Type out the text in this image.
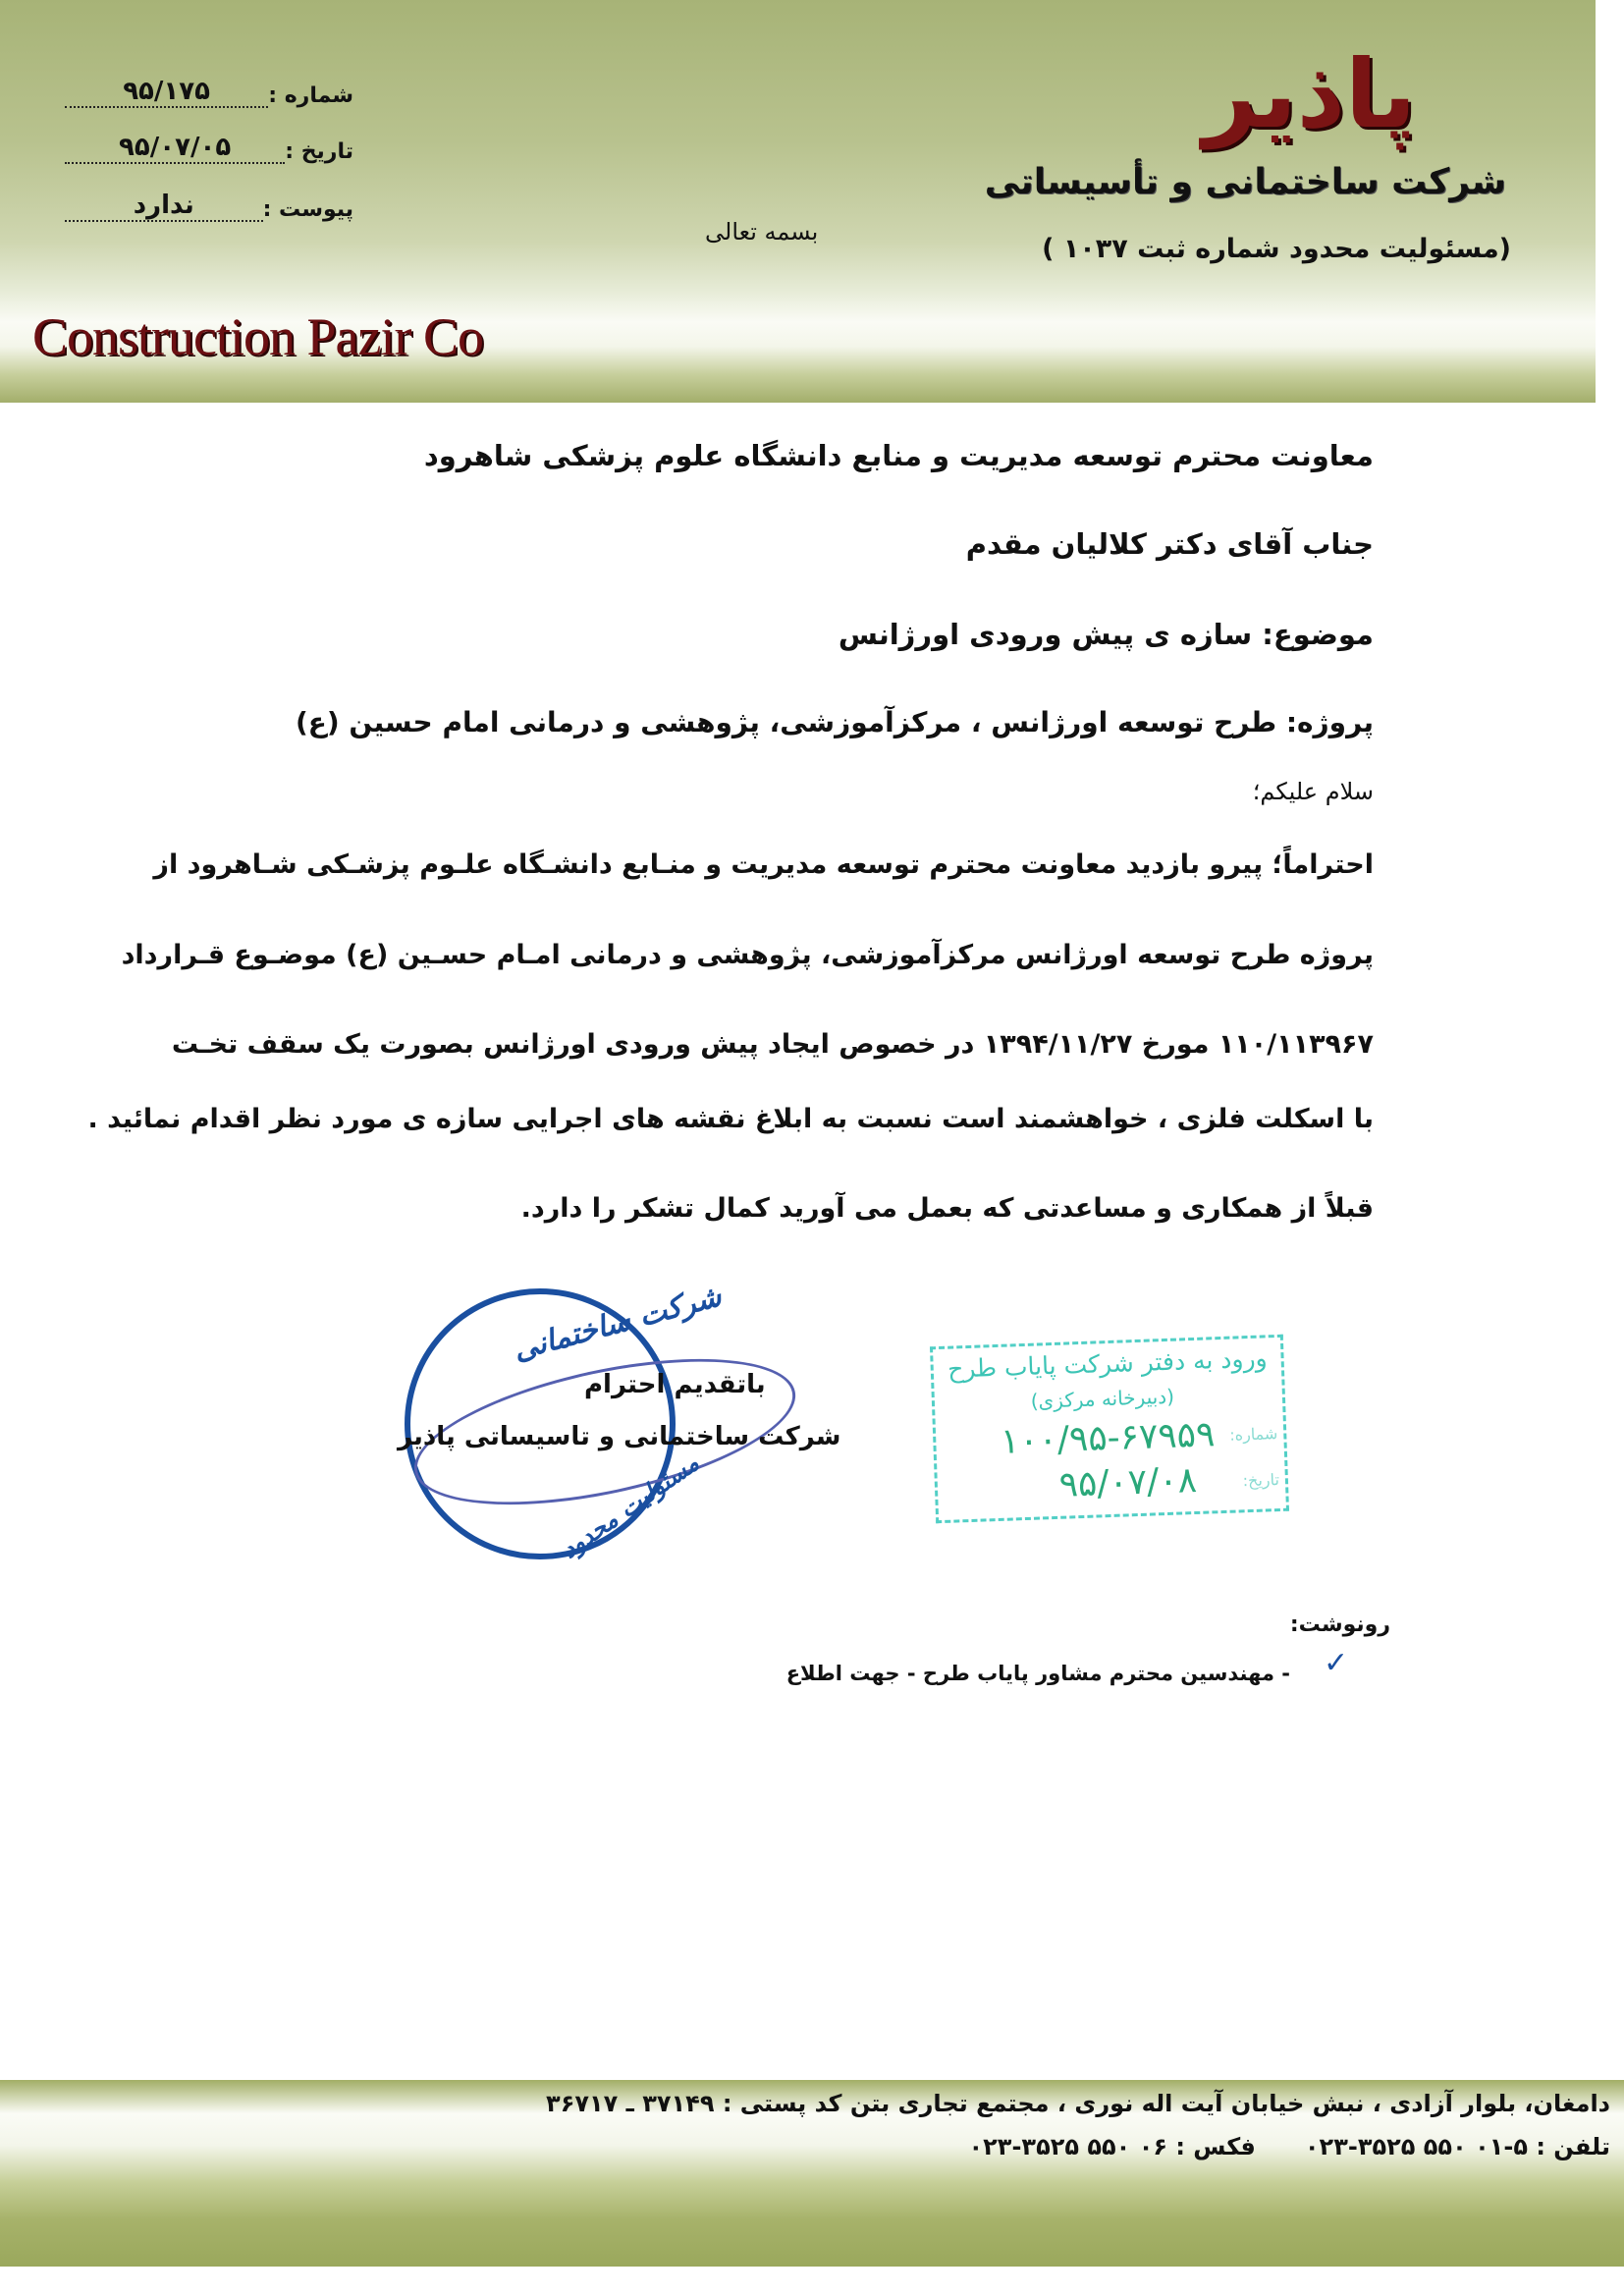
پاذیر
شرکت ساختمانی و تأسیساتی
(مسئولیت محدود شماره ثبت ۱۰۳۷ )
بسمه تعالی
Construction Pazir Co
شماره :
۹۵/۱۷۵
تاریخ :
۹۵/۰۷/۰۵
پیوست :
ندارد
معاونت محترم توسعه مدیریت و منابع دانشگاه علوم پزشکی شاهرود
جناب آقای دکتر کلالیان مقدم
موضوع: سازه ی پیش ورودی اورژانس
پروژه: طرح توسعه اورژانس ، مرکزآموزشی، پژوهشی و درمانی امام حسین (ع)
سلام علیکم؛
احتراماً؛ پیرو بازدید معاونت محترم توسعه مدیریت و منـابع دانشـگاه علـوم پزشـکی شـاهرود از
پروژه طرح توسعه اورژانس مرکزآموزشی، پژوهشی و درمانی امـام حسـین (ع) موضـوع قـرارداد
۱۱۰/۱۱۳۹۶۷ مورخ ۱۳۹۴/۱۱/۲۷ در خصوص ایجاد پیش ورودی اورژانس بصورت یک سقف تخـت
با اسکلت فلزی ، خواهشمند است نسبت به ابلاغ نقشه های اجرایی سازه ی مورد نظر اقدام نمائید .
قبلاً از همکاری و مساعدتی که بعمل می آورید کمال تشکر را دارد.
شرکت ساختمانی
مسئولیت محدود
باتقدیم احترام
شرکت ساختمانی و تاسیساتی پاذیر
ورود به دفتر شرکت پایاب طرح
(دبیرخانه مرکزی)
شماره:
۱۰۰/۹۵-۶۷۹۵۹
تاریخ:
۹۵/۰۷/۰۸
رونوشت:
✓
- مهندسین محترم مشاور پایاب طرح - جهت اطلاع
دامغان، بلوار آزادی ، نبش خیابان آیت اله نوری ، مجتمع تجاری بتن کد پستی : ۳۷۱۴۹ ـ ۳۶۷۱۷
تلفن : ۵-۰۱ ۵۵۰ ۳۵۲۵-۰۲۳
فکس : ۰۶ ۵۵۰ ۳۵۲۵-۰۲۳
